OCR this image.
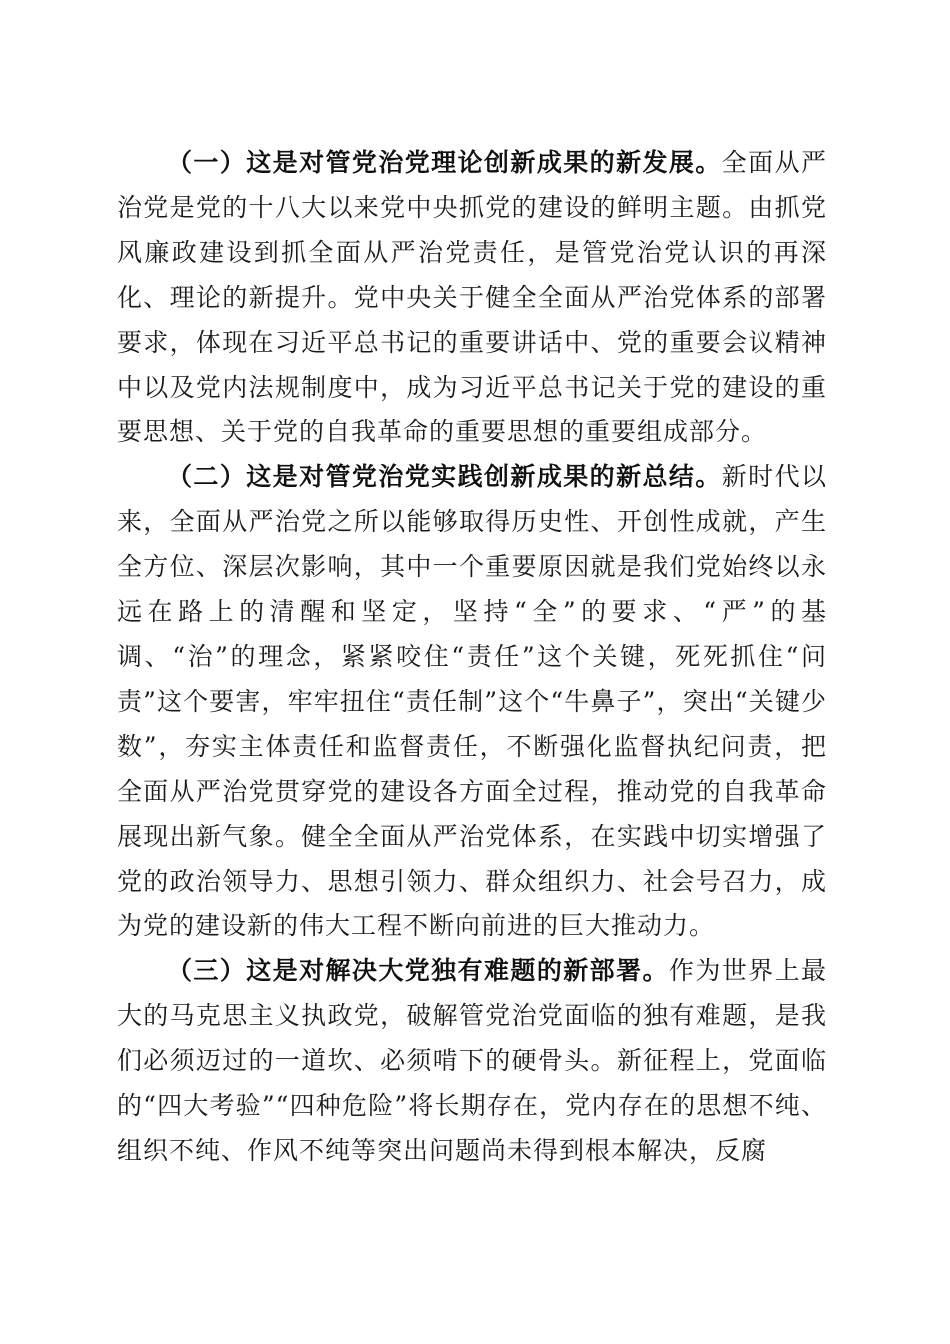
（一）这是对管党治党理论创新成果的新发展。全面从严治党是党的十八大以来党中央抓党的建设的鲜明主题。由抓党风廉政建设到抓全面从严治党责任，是管党治党认识的再深化、理论的新提升。党中央关于健全全面从严治党体系的部署要求，体现在习近平总书记的重要讲话中、党的重要会议精神中以及党内法规制度中，成为习近平总书记关于党的建设的重要思想、关于党的自我革命的重要思想的重要组成部分。

（二）这是对管党治党实践创新成果的新总结。新时代以来，全面从严治党之所以能够取得历史性、开创性成就，产生全方位、深层次影响，其中一个重要原因就是我们党始终以永远在路上的清醒和坚定，坚持“全”的要求、“严”的基调、“治”的理念，紧紧咬住“责任”这个关键，死死抓住“问责”这个要害，牢牢扭住“责任制”这个“牛鼻子”，突出“关键少数”，夯实主体责任和监督责任，不断强化监督执纪问责，把全面从严治党贯穿党的建设各方面全过程，推动党的自我革命展现出新气象。健全全面从严治党体系，在实践中切实增强了党的政治领导力、思想引领力、群众组织力、社会号召力，成为党的建设新的伟大工程不断向前进的巨大推动力。

（三）这是对解决大党独有难题的新部署。作为世界上最大的马克思主义执政党，破解管党治党面临的独有难题，是我们必须迈过的一道坎、必须啃下的硬骨头。新征程上，党面临的“四大考验”“四种危险”将长期存在，党内存在的思想不纯、组织不纯、作风不纯等突出问题尚未得到根本解决，反腐
